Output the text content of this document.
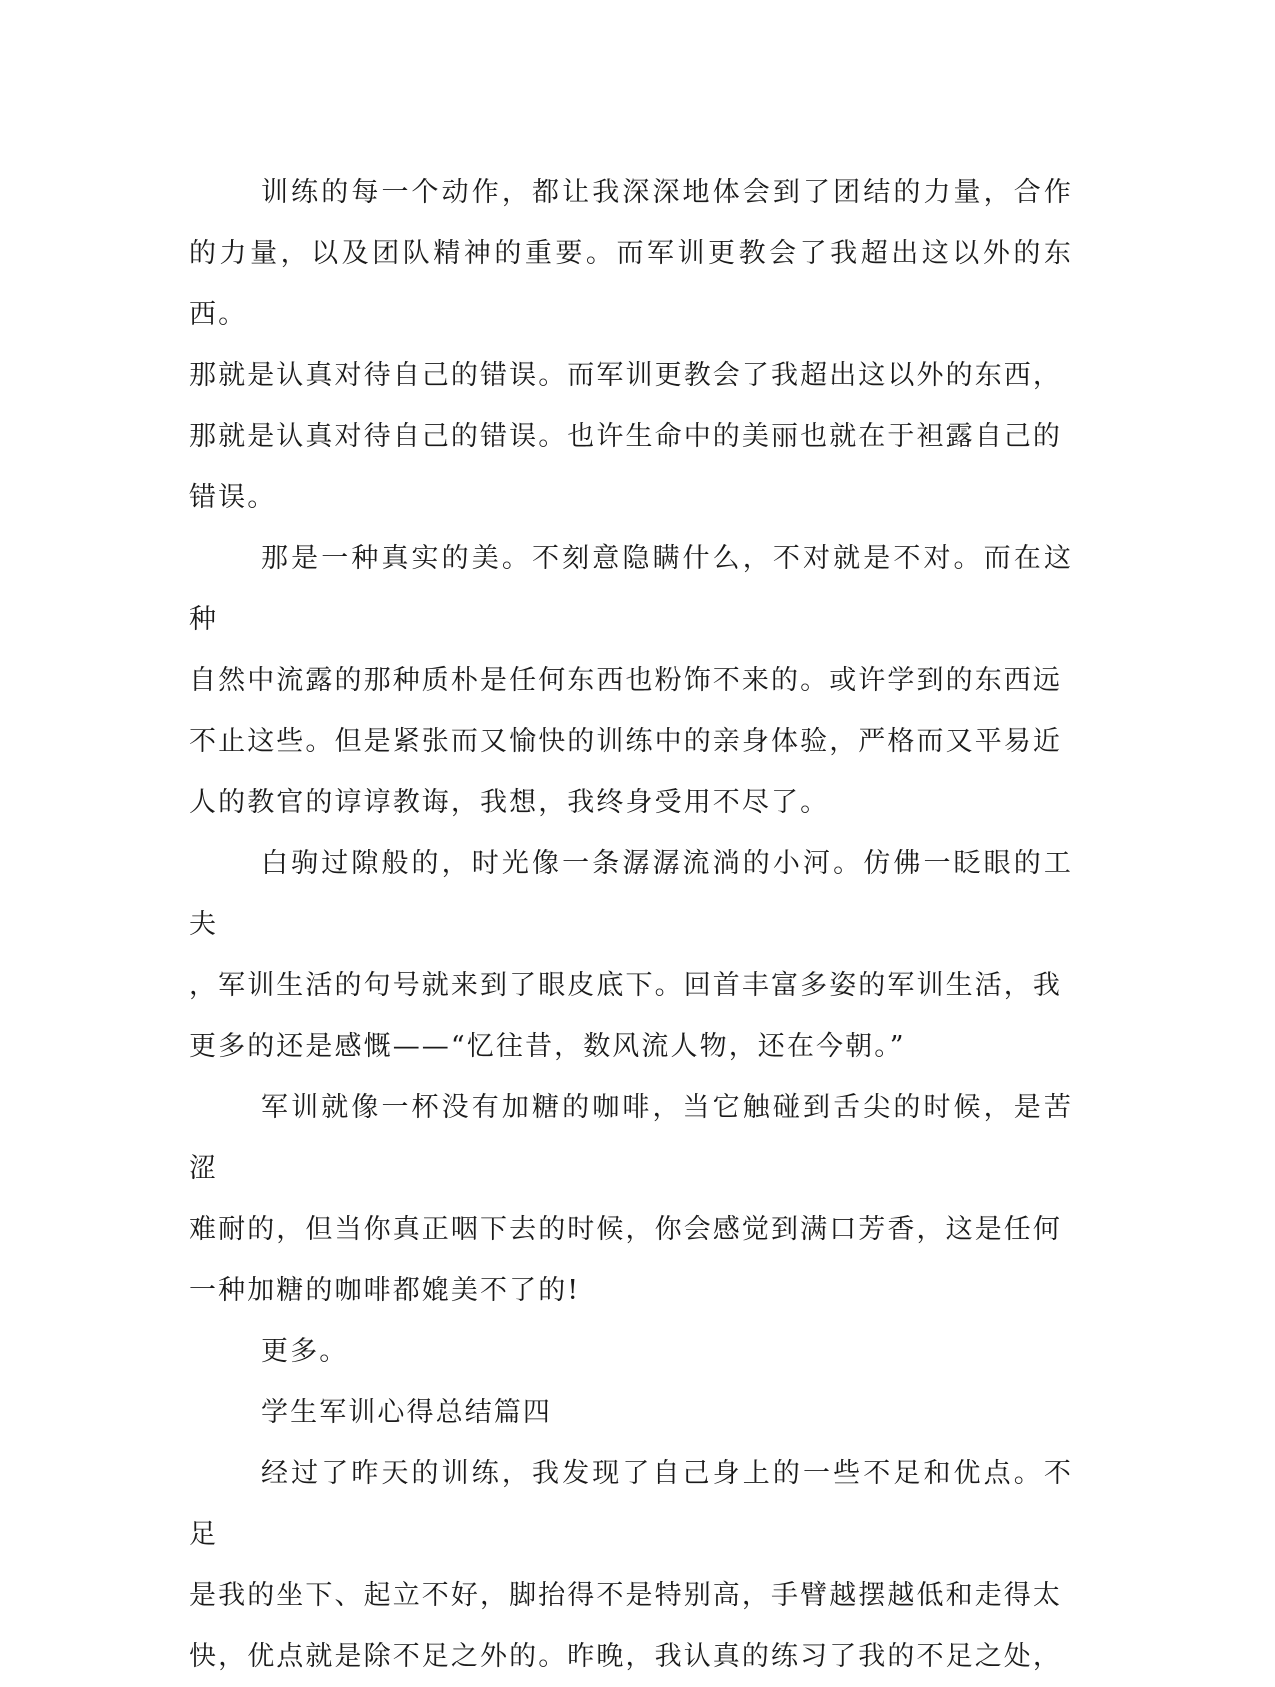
训练的每一个动作，都让我深深地体会到了团结的力量，合作的力量，以及团队精神的重要。而军训更教会了我超出这以外的东西。
那就是认真对待自己的错误。而军训更教会了我超出这以外的东西，
那就是认真对待自己的错误。也许生命中的美丽也就在于袒露自己的
错误。

那是一种真实的美。不刻意隐瞒什么，不对就是不对。而在这种
自然中流露的那种质朴是任何东西也粉饰不来的。或许学到的东西远
不止这些。但是紧张而又愉快的训练中的亲身体验，严格而又平易近
人的教官的谆谆教诲，我想，我终身受用不尽了。

白驹过隙般的，时光像一条潺潺流淌的小河。仿佛一眨眼的工夫
，军训生活的句号就来到了眼皮底下。回首丰富多姿的军训生活，我
更多的还是感慨——“忆往昔，数风流人物，还在今朝。”

军训就像一杯没有加糖的咖啡，当它触碰到舌尖的时候，是苦涩
难耐的，但当你真正咽下去的时候，你会感觉到满口芳香，这是任何
一种加糖的咖啡都媲美不了的!

更多。

学生军训心得总结篇四

经过了昨天的训练，我发现了自己身上的一些不足和优点。不足
是我的坐下、起立不好，脚抬得不是特别高，手臂越摆越低和走得太
快，优点就是除不足之外的。昨晚，我认真的练习了我的不足之处，
